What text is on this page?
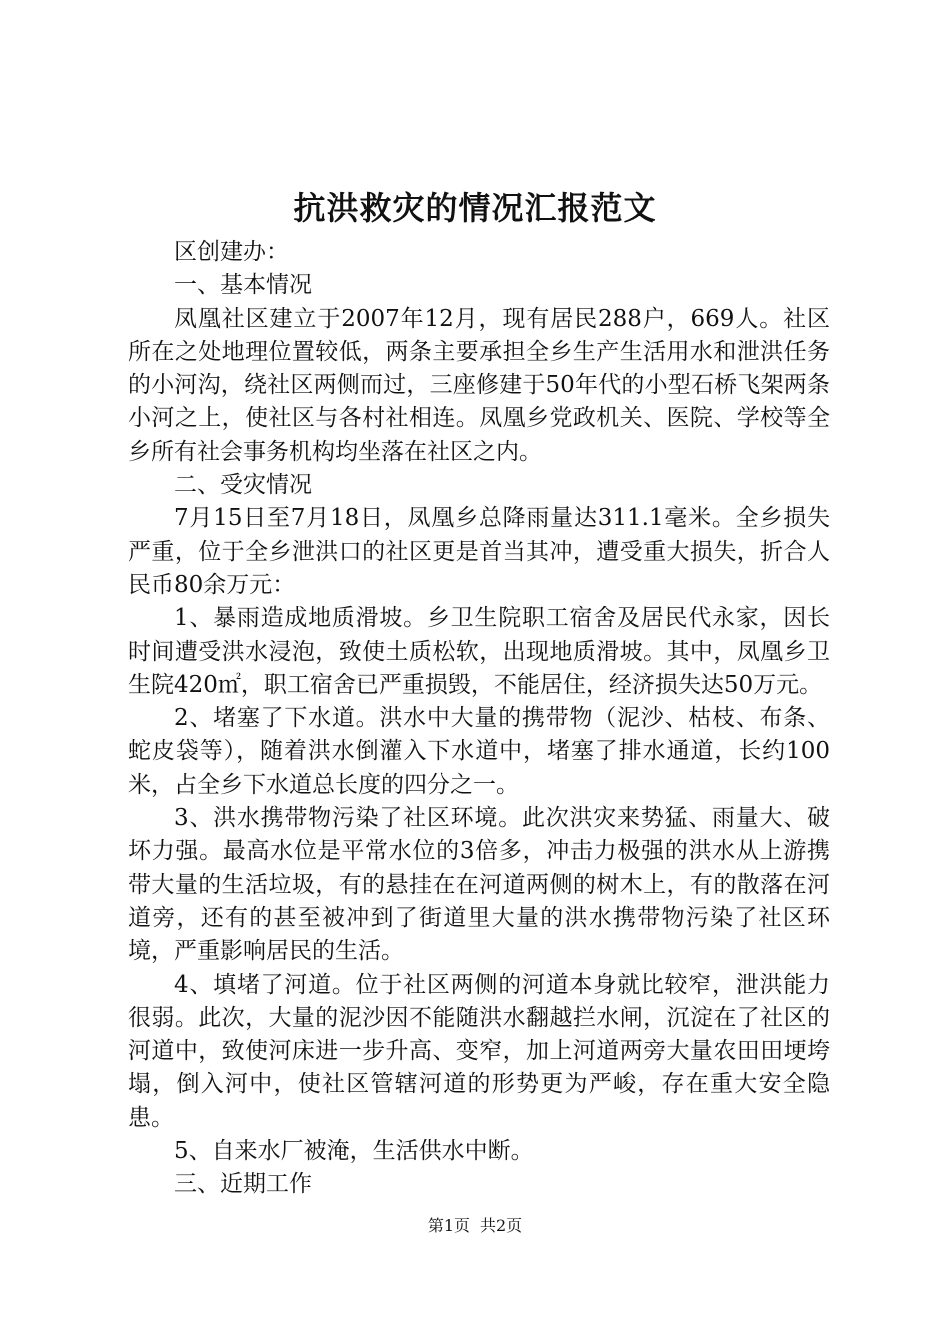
抗洪救灾的情况汇报范文

区创建办：

一、基本情况

凤凰社区建立于2007年12月，现有居民288户，669人。社区所在之处地理位置较低，两条主要承担全乡生产生活用水和泄洪任务的小河沟，绕社区两侧而过，三座修建于50年代的小型石桥飞架两条小河之上，使社区与各村社相连。凤凰乡党政机关、医院、学校等全乡所有社会事务机构均坐落在社区之内。

二、受灾情况

7月15日至7月18日，凤凰乡总降雨量达311.1毫米。全乡损失严重，位于全乡泄洪口的社区更是首当其冲，遭受重大损失，折合人民币80余万元：

1、暴雨造成地质滑坡。乡卫生院职工宿舍及居民代永家，因长时间遭受洪水浸泡，致使土质松软，出现地质滑坡。其中，凤凰乡卫生院420㎡，职工宿舍已严重损毁，不能居住，经济损失达50万元。

2、堵塞了下水道。洪水中大量的携带物（泥沙、枯枝、布条、蛇皮袋等），随着洪水倒灌入下水道中，堵塞了排水通道，长约100米，占全乡下水道总长度的四分之一。

3、洪水携带物污染了社区环境。此次洪灾来势猛、雨量大、破坏力强。最高水位是平常水位的3倍多，冲击力极强的洪水从上游携带大量的生活垃圾，有的悬挂在在河道两侧的树木上，有的散落在河道旁，还有的甚至被冲到了街道里大量的洪水携带物污染了社区环境，严重影响居民的生活。

4、填堵了河道。位于社区两侧的河道本身就比较窄，泄洪能力很弱。此次，大量的泥沙因不能随洪水翻越拦水闸，沉淀在了社区的河道中，致使河床进一步升高、变窄，加上河道两旁大量农田田埂垮塌，倒入河中，使社区管辖河道的形势更为严峻，存在重大安全隐患。

5、自来水厂被淹，生活供水中断。

三、近期工作

第1页 共2页
